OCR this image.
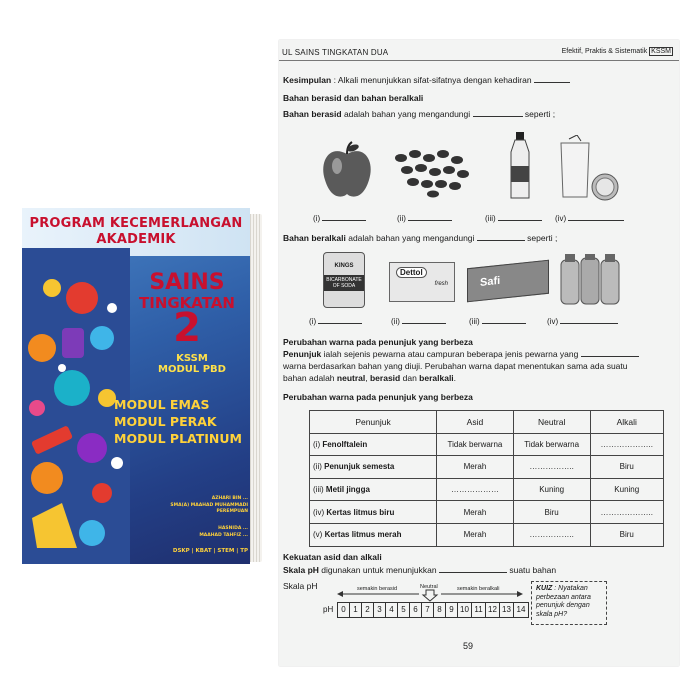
PROGRAM KECEMERLANGAN
AKADEMIK
SAINS
TINGKATAN
2
KSSM
MODUL PBD
MODUL EMAS
MODUL PERAK
MODUL PLATINUM
AZHARI BIN ...
SMA(A) MAAHAD MUHAMMADI PEREMPUAN
HASNIDA ...
MAAHAD TAHFIZ ...
DSKP | KBAT | STEM | TP
UL SAINS TINGKATAN DUA	Efektif, Praktis & Sistematik KSSM
Kesimpulan : Alkali menunjukkan sifat-sifatnya dengan kehadiran
Bahan berasid dan bahan beralkali
Bahan berasid adalah bahan yang mengandungi	seperti ;
(i)	(ii)	(iii)	(iv)
Bahan beralkali adalah bahan yang mengandungi	seperti ;
KINGS
BICARBONATE OF SODA
Dettol
fresh	Safi
(i)	(ii)	(iii)	(iv)
Perubahan warna pada penunjuk yang berbeza
Penunjuk ialah sejenis pewarna atau campuran beberapa jenis pewarna yang
warna berdasarkan bahan yang diuji. Perubahan warna dapat menentukan sama ada suatu
bahan adalah neutral, berasid dan beralkali.
Perubahan warna pada penunjuk yang berbeza
Penunjuk	Asid	Neutral	Alkali
(i) Fenolftalein	Tidak berwarna	Tidak berwarna	………………..
(ii) Penunjuk semesta	Merah	……………..	Biru
(iii) Metil jingga	………………	Kuning	Kuning
(iv) Kertas litmus biru	Merah	Biru	………………..
(v) Kertas litmus merah	Merah	……………..	Biru
Kekuatan asid dan alkali
Skala pH digunakan untuk menunjukkan	suatu bahan
Skala pH	semakin berasid	Neutral	semakin beralkali
pH	0 1 2 3 4 5 6 7 8 9 10 11 12 13 14
KUIZ : Nyatakan perbezaan antara penunjuk dengan skala pH?
59
